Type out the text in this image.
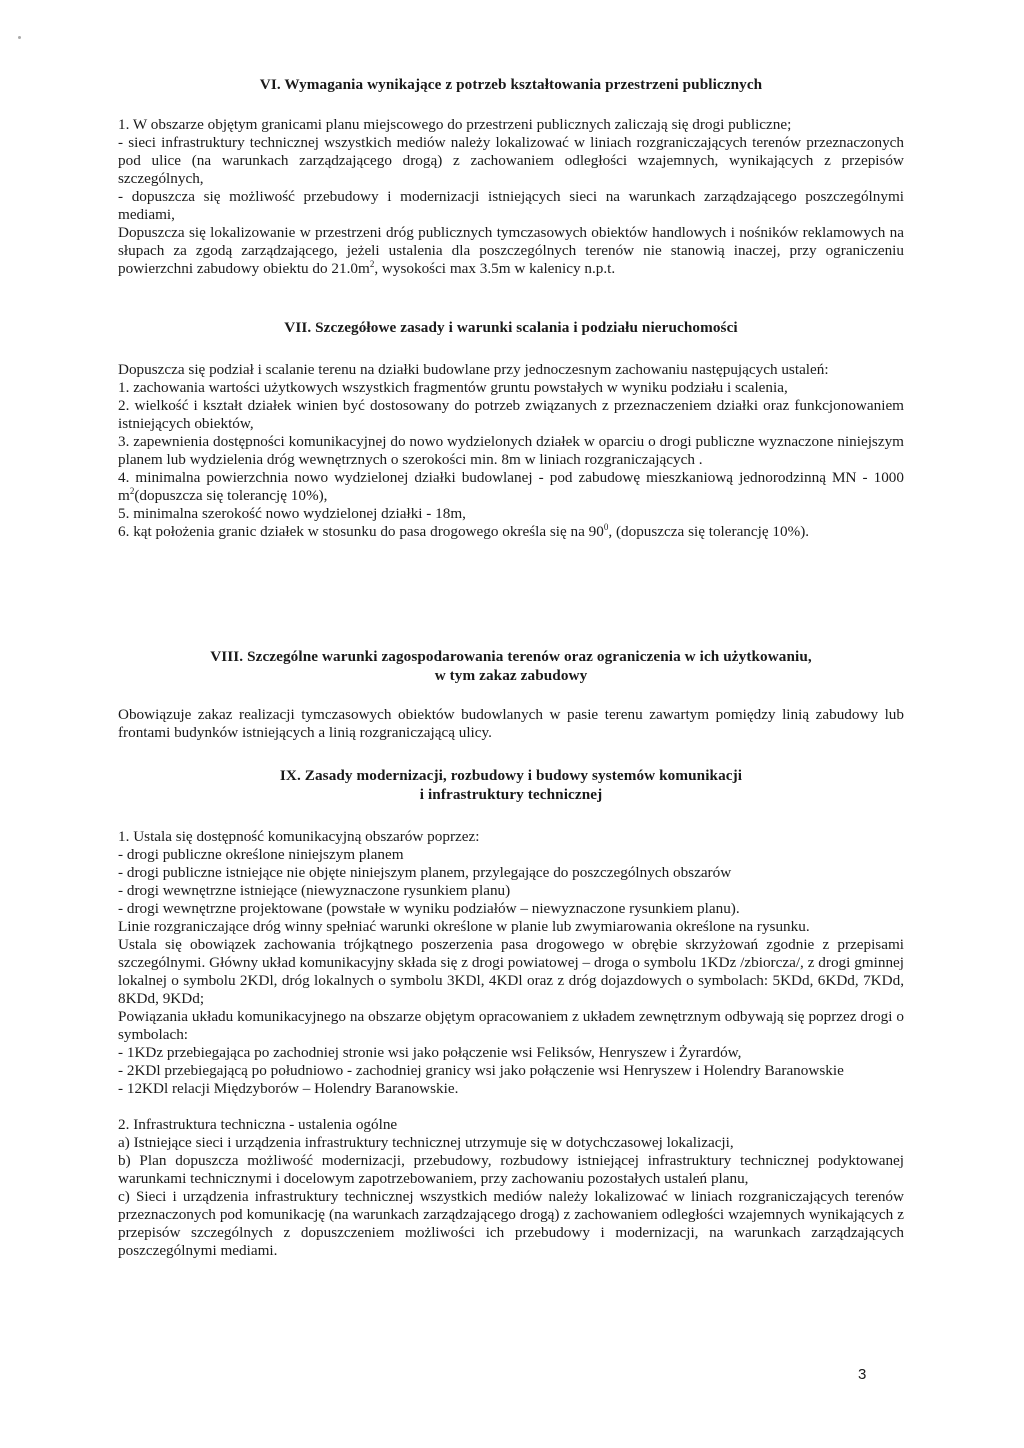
VI. Wymagania wynikające z potrzeb kształtowania przestrzeni publicznych

1. W obszarze objętym granicami planu miejscowego do przestrzeni publicznych zaliczają się drogi publiczne;

- sieci infrastruktury technicznej wszystkich mediów należy lokalizować w liniach rozgraniczających terenów przeznaczonych pod ulice (na warunkach zarządzającego drogą) z zachowaniem odległości wzajemnych, wynikających z przepisów szczególnych,

- dopuszcza się możliwość przebudowy i modernizacji istniejących sieci na warunkach zarządzającego poszczególnymi mediami,

Dopuszcza się lokalizowanie w przestrzeni dróg publicznych tymczasowych obiektów handlowych i nośników reklamowych na słupach za zgodą zarządzającego, jeżeli ustalenia dla poszczególnych terenów nie stanowią inaczej, przy ograniczeniu powierzchni zabudowy obiektu do $21.0m^2$, wysokości max 3.5m w kalenicy n.p.t.

VII. Szczegółowe zasady i warunki scalania i podziału nieruchomości

Dopuszcza się podział i scalanie terenu na działki budowlane przy jednoczesnym zachowaniu następujących ustaleń:

1. zachowania wartości użytkowych wszystkich fragmentów gruntu powstałych w wyniku podziału i scalenia,

2. wielkość i kształt działek winien być dostosowany do potrzeb związanych z przeznaczeniem działki oraz funkcjonowaniem istniejących obiektów,

3. zapewnienia dostępności komunikacyjnej do nowo wydzielonych działek w oparciu o drogi publiczne wyznaczone niniejszym planem lub wydzielenia dróg wewnętrznych o szerokości min. 8m w liniach rozgraniczających .

4. minimalna powierzchnia nowo wydzielonej działki budowlanej - pod zabudowę mieszkaniową jednorodzinną MN - 1000 $m^2(dopuszcza$ się tolerancję 10%),

5. minimalna szerokość nowo wydzielonej działki - 18m,

6. kąt położenia granic działek w stosunku do pasa drogowego określa się na $90^0$, (dopuszcza się tolerancję 10%).

VIII. Szczególne warunki zagospodarowania terenów oraz ograniczenia w ich użytkowaniu,
w tym zakaz zabudowy

Obowiązuje zakaz realizacji tymczasowych obiektów budowlanych w pasie terenu zawartym pomiędzy linią zabudowy lub frontami budynków istniejących a linią rozgraniczającą ulicy.

IX. Zasady modernizacji, rozbudowy i budowy systemów komunikacji
i infrastruktury technicznej

1. Ustala się dostępność komunikacyjną obszarów poprzez:

- drogi publiczne określone niniejszym planem

- drogi publiczne istniejące nie objęte niniejszym planem, przylegające do poszczególnych obszarów

- drogi wewnętrzne istniejące (niewyznaczone rysunkiem planu)

- drogi wewnętrzne projektowane (powstałe w wyniku podziałów – niewyznaczone rysunkiem planu).

Linie rozgraniczające dróg winny spełniać warunki określone w planie lub zwymiarowania określone na rysunku.

Ustala się obowiązek zachowania trójkątnego poszerzenia pasa drogowego w obrębie skrzyżowań zgodnie z przepisami szczególnymi. Główny układ komunikacyjny składa się z drogi powiatowej – droga o symbolu 1KDz /zbiorcza/, z drogi gminnej lokalnej o symbolu 2KDl, dróg lokalnych o symbolu 3KDl, 4KDl oraz z dróg dojazdowych o symbolach: 5KDd, 6KDd, 7KDd, 8KDd, 9KDd;

Powiązania układu komunikacyjnego na obszarze objętym opracowaniem z układem zewnętrznym odbywają się poprzez drogi o symbolach:

- 1KDz przebiegająca po zachodniej stronie wsi jako połączenie wsi Feliksów, Henryszew i Żyrardów,

- 2KDl przebiegającą po południowo - zachodniej granicy wsi jako połączenie wsi Henryszew i Holendry Baranowskie

- 12KDl relacji Międzyborów – Holendry Baranowskie.

2. Infrastruktura techniczna - ustalenia ogólne

a) Istniejące sieci i urządzenia infrastruktury technicznej utrzymuje się w dotychczasowej lokalizacji,

b) Plan dopuszcza możliwość modernizacji, przebudowy, rozbudowy istniejącej infrastruktury technicznej podyktowanej warunkami technicznymi i docelowym zapotrzebowaniem, przy zachowaniu pozostałych ustaleń planu,

c) Sieci i urządzenia infrastruktury technicznej wszystkich mediów należy lokalizować w liniach rozgraniczających terenów przeznaczonych pod komunikację (na warunkach zarządzającego drogą) z zachowaniem odległości wzajemnych wynikających z przepisów szczególnych z dopuszczeniem możliwości ich przebudowy i modernizacji, na warunkach zarządzających poszczególnymi mediami.

3
